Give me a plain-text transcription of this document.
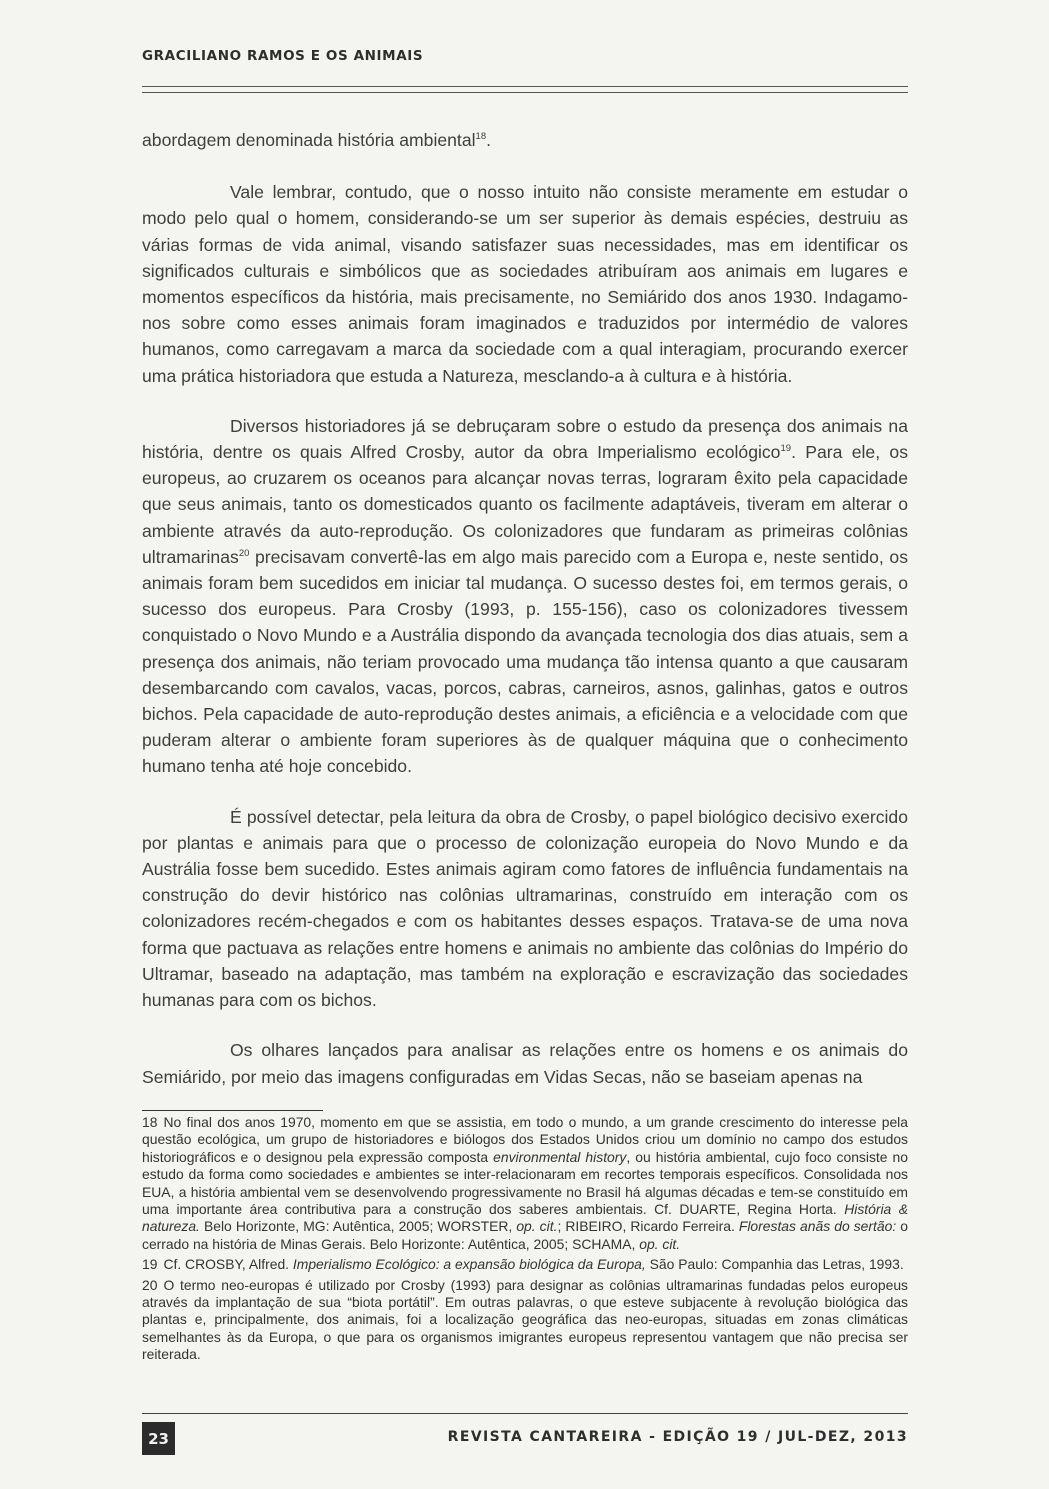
GRACILIANO RAMOS E OS ANIMAIS

abordagem denominada história ambiental$^{18}$.

Vale lembrar, contudo, que o nosso intuito não consiste meramente em estudar o modo pelo qual o homem, considerando-se um ser superior às demais espécies, destruiu as várias formas de vida animal, visando satisfazer suas necessidades, mas em identificar os significados culturais e simbólicos que as sociedades atribuíram aos animais em lugares e momentos específicos da história, mais precisamente, no Semiárido dos anos 1930. Indagamo-nos sobre como esses animais foram imaginados e traduzidos por intermédio de valores humanos, como carregavam a marca da sociedade com a qual interagiam, procurando exercer uma prática historiadora que estuda a Natureza, mesclando-a à cultura e à história.

Diversos historiadores já se debruçaram sobre o estudo da presença dos animais na história, dentre os quais Alfred Crosby, autor da obra Imperialismo ecológico$^{19}$. Para ele, os europeus, ao cruzarem os oceanos para alcançar novas terras, lograram êxito pela capacidade que seus animais, tanto os domesticados quanto os facilmente adaptáveis, tiveram em alterar o ambiente através da auto-reprodução. Os colonizadores que fundaram as primeiras colônias ultramarinas$^{20}$ precisavam convertê-las em algo mais parecido com a Europa e, neste sentido, os animais foram bem sucedidos em iniciar tal mudança. O sucesso destes foi, em termos gerais, o sucesso dos europeus. Para Crosby (1993, p. 155-156), caso os colonizadores tivessem conquistado o Novo Mundo e a Austrália dispondo da avançada tecnologia dos dias atuais, sem a presença dos animais, não teriam provocado uma mudança tão intensa quanto a que causaram desembarcando com cavalos, vacas, porcos, cabras, carneiros, asnos, galinhas, gatos e outros bichos. Pela capacidade de auto-reprodução destes animais, a eficiência e a velocidade com que puderam alterar o ambiente foram superiores às de qualquer máquina que o conhecimento humano tenha até hoje concebido.

É possível detectar, pela leitura da obra de Crosby, o papel biológico decisivo exercido por plantas e animais para que o processo de colonização europeia do Novo Mundo e da Austrália fosse bem sucedido. Estes animais agiram como fatores de influência fundamentais na construção do devir histórico nas colônias ultramarinas, construído em interação com os colonizadores recém-chegados e com os habitantes desses espaços. Tratava-se de uma nova forma que pactuava as relações entre homens e animais no ambiente das colônias do Império do Ultramar, baseado na adaptação, mas também na exploração e escravização das sociedades humanas para com os bichos.

Os olhares lançados para analisar as relações entre os homens e os animais do Semiárido, por meio das imagens configuradas em Vidas Secas, não se baseiam apenas na

18 No final dos anos 1970, momento em que se assistia, em todo o mundo, a um grande crescimento do interesse pela questão ecológica, um grupo de historiadores e biólogos dos Estados Unidos criou um domínio no campo dos estudos historiográficos e o designou pela expressão composta environmental history, ou história ambiental, cujo foco consiste no estudo da forma como sociedades e ambientes se inter-relacionaram em recortes temporais específicos. Consolidada nos EUA, a história ambiental vem se desenvolvendo progressivamente no Brasil há algumas décadas e tem-se constituído em uma importante área contributiva para a construção dos saberes ambientais. Cf. DUARTE, Regina Horta. História & natureza. Belo Horizonte, MG: Autêntica, 2005; WORSTER, op. cit.; RIBEIRO, Ricardo Ferreira. Florestas anãs do sertão: o cerrado na história de Minas Gerais. Belo Horizonte: Autêntica, 2005; SCHAMA, op. cit.

19 Cf. CROSBY, Alfred. Imperialismo Ecológico: a expansão biológica da Europa, São Paulo: Companhia das Letras, 1993.

20 O termo neo-europas é utilizado por Crosby (1993) para designar as colônias ultramarinas fundadas pelos europeus através da implantação de sua “biota portátil”. Em outras palavras, o que esteve subjacente à revolução biológica das plantas e, principalmente, dos animais, foi a localização geográfica das neo-europas, situadas em zonas climáticas semelhantes às da Europa, o que para os organismos imigrantes europeus representou vantagem que não precisa ser reiterada.

23	REVISTA CANTAREIRA - EDIÇÃO 19 / JUL-DEZ, 2013
